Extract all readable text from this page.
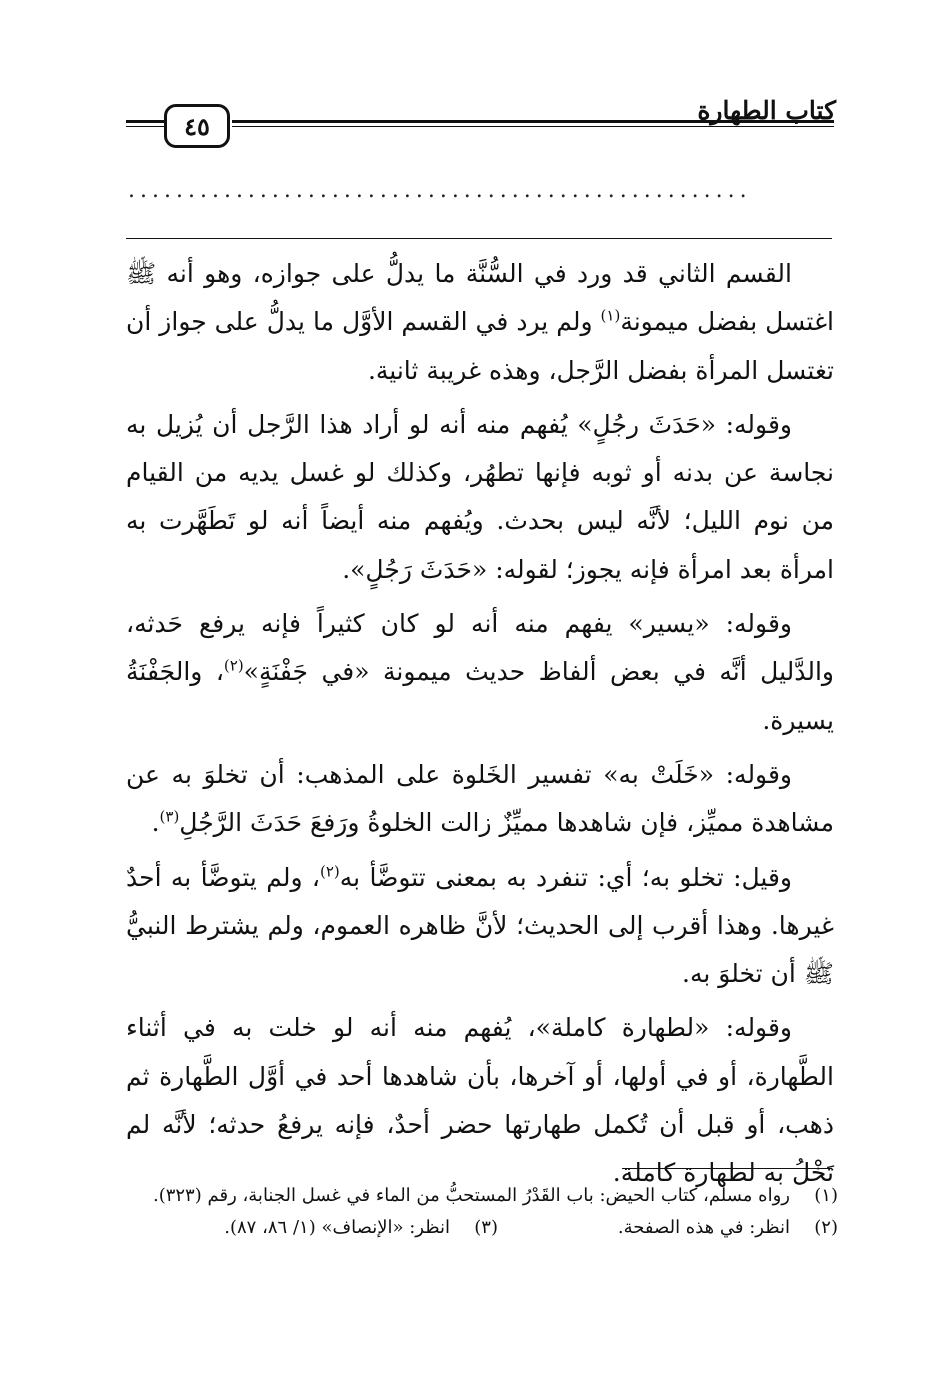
كتاب الطهارة
٤٥
....................................................

القسم الثاني قد ورد في السُّنَّة ما يدلُّ على جوازه، وهو أنه ﷺ اغتسل بفضل ميمونة$^{(١)}$ ولم يرد في القسم الأوَّل ما يدلُّ على جواز أن تغتسل المرأة بفضل الرَّجل، وهذه غريبة ثانية.

وقوله: «حَدَثَ رجُلٍ» يُفهم منه أنه لو أراد هذا الرَّجل أن يُزيل به نجاسة عن بدنه أو ثوبه فإنها تطهُر، وكذلك لو غسل يديه من القيام من نوم الليل؛ لأنَّه ليس بحدث. ويُفهم منه أيضاً أنه لو تَطَهَّرت به امرأة بعد امرأة فإنه يجوز؛ لقوله: «حَدَثَ رَجُلٍ».

وقوله: «يسير» يفهم منه أنه لو كان كثيراً فإنه يرفع حَدثه، والدَّليل أنَّه في بعض ألفاظ حديث ميمونة «في جَفْنَةٍ»$^{(٢)}$، والجَفْنَةُ يسيرة.

وقوله: «خَلَتْ به» تفسير الخَلوة على المذهب: أن تخلوَ به عن مشاهدة مميِّز، فإن شاهدها مميِّزٌ زالت الخلوةُ ورَفعَ حَدَثَ الرَّجُلِ$^{(٣)}$.

وقيل: تخلو به؛ أي: تنفرد به بمعنى تتوضَّأ به$^{(٢)}$، ولم يتوضَّأ به أحدٌ غيرها. وهذا أقرب إلى الحديث؛ لأنَّ ظاهره العموم، ولم يشترط النبيُّ ﷺ أن تخلوَ به.

وقوله: «لطهارة كاملة»، يُفهم منه أنه لو خلت به في أثناء الطَّهارة، أو في أولها، أو آخرها، بأن شاهدها أحد في أوَّل الطَّهارة ثم ذهب، أو قبل أن تُكمل طهارتها حضر أحدٌ، فإنه يرفعُ حدثه؛ لأنَّه لم تَخْلُ به لطهارة كاملة.

(١)
رواه مسلم، كتاب الحيض: باب القَدْرُ المستحبُّ من الماء في غسل الجنابة، رقم (٣٢٣).
(٢)
انظر: في هذه الصفحة.
(٣)
انظر: «الإنصاف» (١/ ٨٦، ٨٧).
